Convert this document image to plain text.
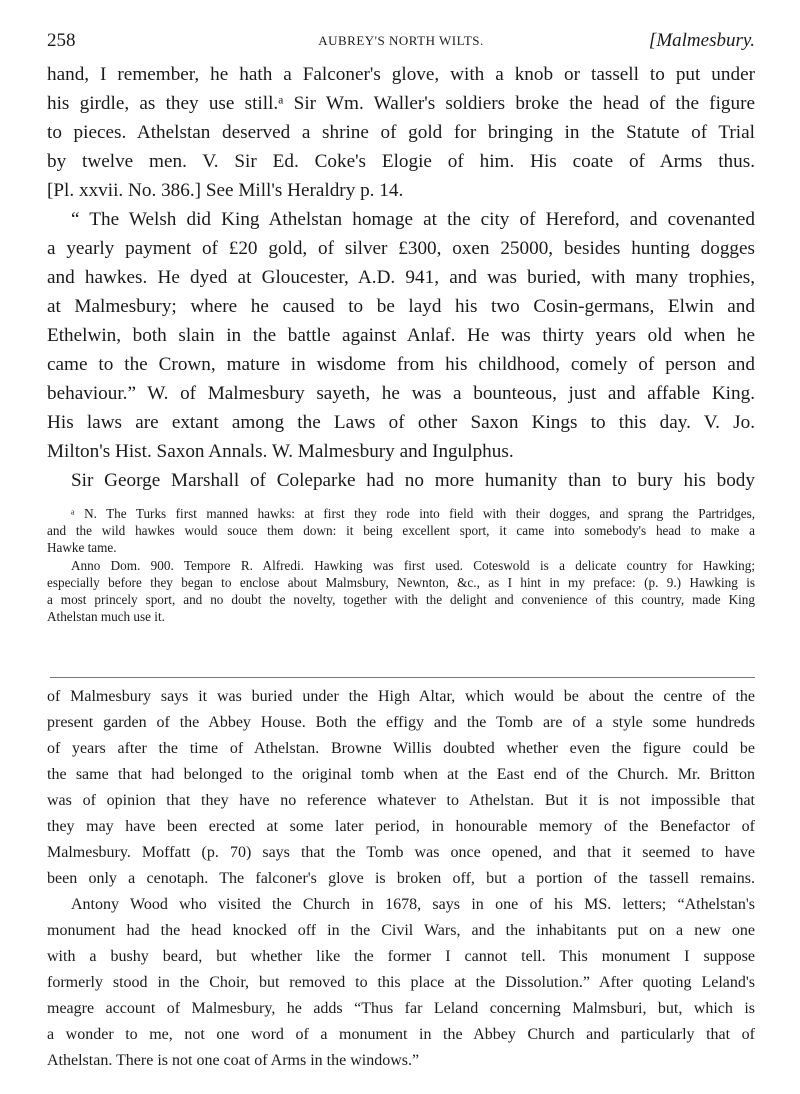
258	AUBREY'S NORTH WILTS.	[Malmesbury.
hand, I remember, he hath a Falconer's glove, with a knob or tassell to put under
his girdle, as they use still.ᵃ Sir Wm. Waller's soldiers broke the head of the figure
to pieces. Athelstan deserved a shrine of gold for bringing in the Statute of Trial
by twelve men. V. Sir Ed. Coke's Elogie of him. His coate of Arms thus.
[Pl. xxvii. No. 386.] See Mill's Heraldry p. 14.
“ The Welsh did King Athelstan homage at the city of Hereford, and covenanted
a yearly payment of £20 gold, of silver £300, oxen 25000, besides hunting dogges
and hawkes. He dyed at Gloucester, A.D. 941, and was buried, with many trophies,
at Malmesbury; where he caused to be layd his two Cosin-germans, Elwin and
Ethelwin, both slain in the battle against Anlaf. He was thirty years old when he
came to the Crown, mature in wisdome from his childhood, comely of person and
behaviour.” W. of Malmesbury sayeth, he was a bounteous, just and affable King.
His laws are extant among the Laws of other Saxon Kings to this day. V. Jo.
Milton's Hist. Saxon Annals. W. Malmesbury and Ingulphus.
Sir George Marshall of Coleparke had no more humanity than to bury his body
ᵃ N. The Turks first manned hawks: at first they rode into field with their dogges, and sprang the Partridges,
and the wild hawkes would souce them down: it being excellent sport, it came into somebody's head to make a
Hawke tame.
Anno Dom. 900. Tempore R. Alfredi. Hawking was first used. Coteswold is a delicate country for Hawking;
especially before they began to enclose about Malmsbury, Newnton, &c., as I hint in my preface: (p. 9.) Hawking is
a most princely sport, and no doubt the novelty, together with the delight and convenience of this country, made King
Athelstan much use it.
of Malmesbury says it was buried under the High Altar, which would be about the centre of the
present garden of the Abbey House. Both the effigy and the Tomb are of a style some hundreds
of years after the time of Athelstan. Browne Willis doubted whether even the figure could be
the same that had belonged to the original tomb when at the East end of the Church. Mr. Britton
was of opinion that they have no reference whatever to Athelstan. But it is not impossible that
they may have been erected at some later period, in honourable memory of the Benefactor of
Malmesbury. Moffatt (p. 70) says that the Tomb was once opened, and that it seemed to have
been only a cenotaph. The falconer's glove is broken off, but a portion of the tassell remains.
Antony Wood who visited the Church in 1678, says in one of his MS. letters; “Athelstan's
monument had the head knocked off in the Civil Wars, and the inhabitants put on a new one
with a bushy beard, but whether like the former I cannot tell. This monument I suppose
formerly stood in the Choir, but removed to this place at the Dissolution.” After quoting Leland's
meagre account of Malmesbury, he adds “Thus far Leland concerning Malmsburi, but, which is
a wonder to me, not one word of a monument in the Abbey Church and particularly that of
Athelstan. There is not one coat of Arms in the windows.”
